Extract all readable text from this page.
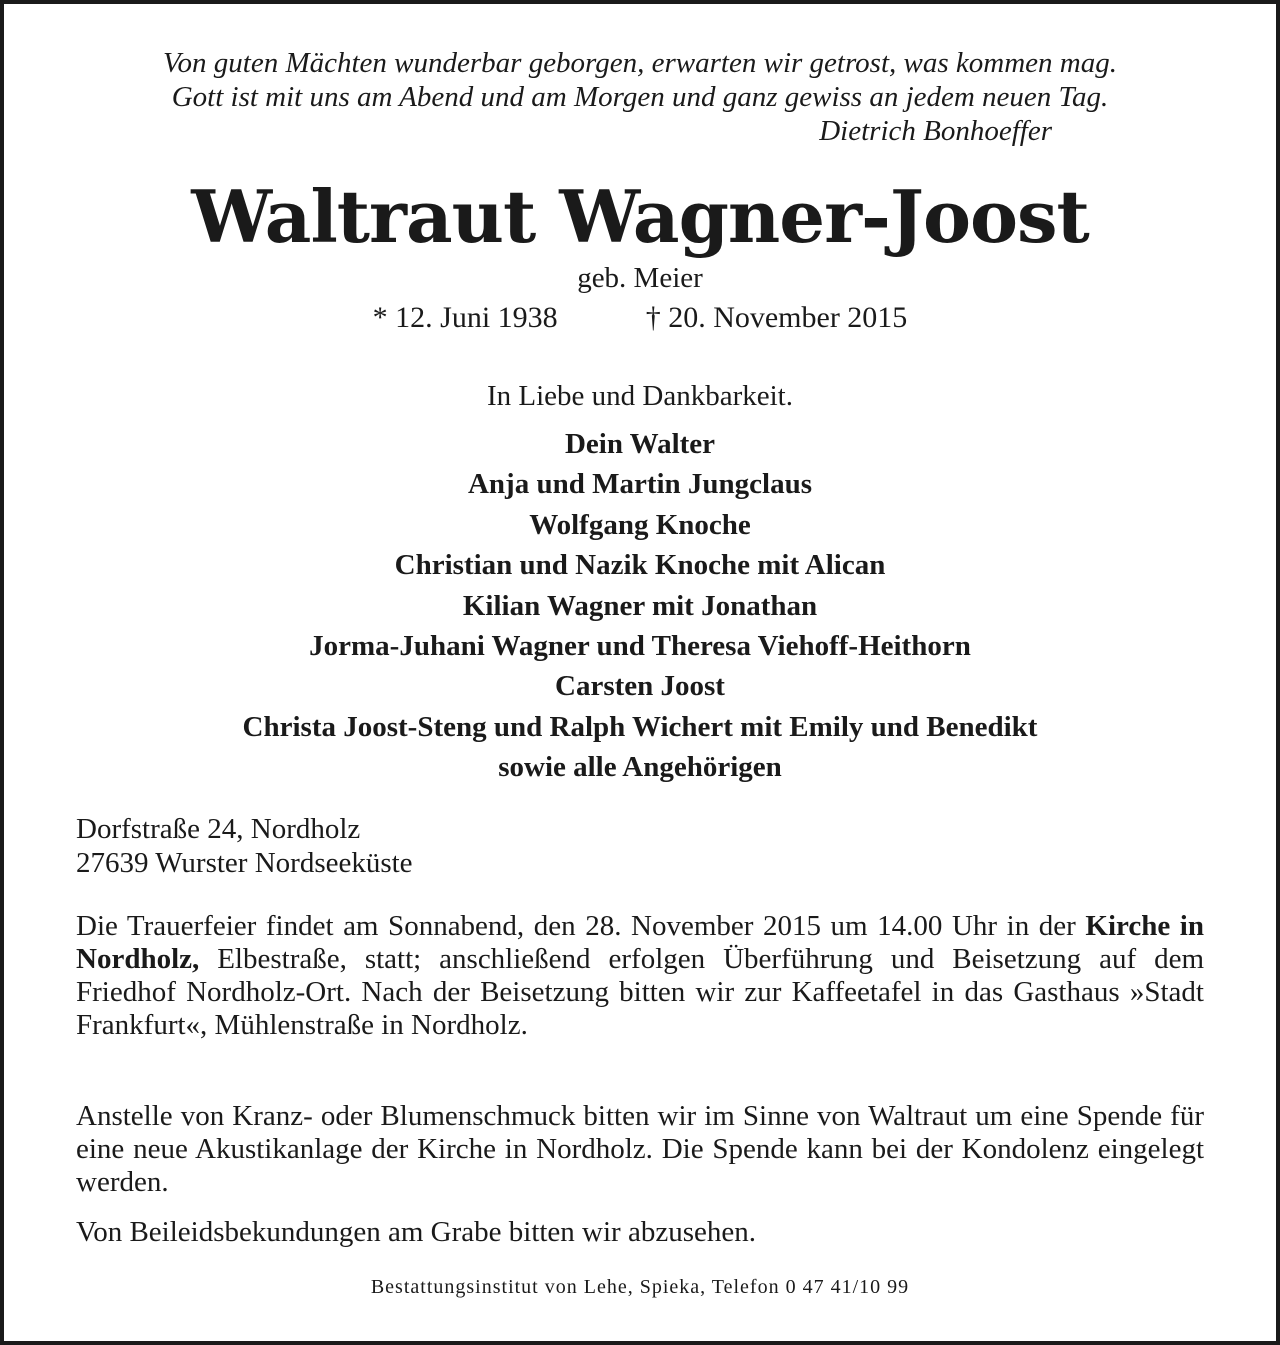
Von guten Mächten wunderbar geborgen, erwarten wir getrost, was kommen mag.
Gott ist mit uns am Abend und am Morgen und ganz gewiss an jedem neuen Tag.
Dietrich Bonhoeffer
Waltraut Wagner-Joost
geb. Meier
* 12. Juni 1938	† 20. November 2015
In Liebe und Dankbarkeit.
Dein Walter
Anja und Martin Jungclaus
Wolfgang Knoche
Christian und Nazik Knoche mit Alican
Kilian Wagner mit Jonathan
Jorma-Juhani Wagner und Theresa Viehoff-Heithorn
Carsten Joost
Christa Joost-Steng und Ralph Wichert mit Emily und Benedikt
sowie alle Angehörigen
Dorfstraße 24, Nordholz
27639 Wurster Nordseeküste
Die Trauerfeier findet am Sonnabend, den 28. November 2015 um 14.00 Uhr in der Kirche in Nordholz, Elbestraße, statt; anschließend erfolgen Überführung und Beisetzung auf dem Friedhof Nordholz-Ort. Nach der Beisetzung bitten wir zur Kaffeetafel in das Gasthaus »Stadt Frankfurt«, Mühlenstraße in Nordholz.
Anstelle von Kranz- oder Blumenschmuck bitten wir im Sinne von Waltraut um eine Spende für eine neue Akustikanlage der Kirche in Nordholz. Die Spende kann bei der Kondolenz eingelegt werden.
Von Beileidsbekundungen am Grabe bitten wir abzusehen.
Bestattungsinstitut von Lehe, Spieka, Telefon 0 47 41/10 99
